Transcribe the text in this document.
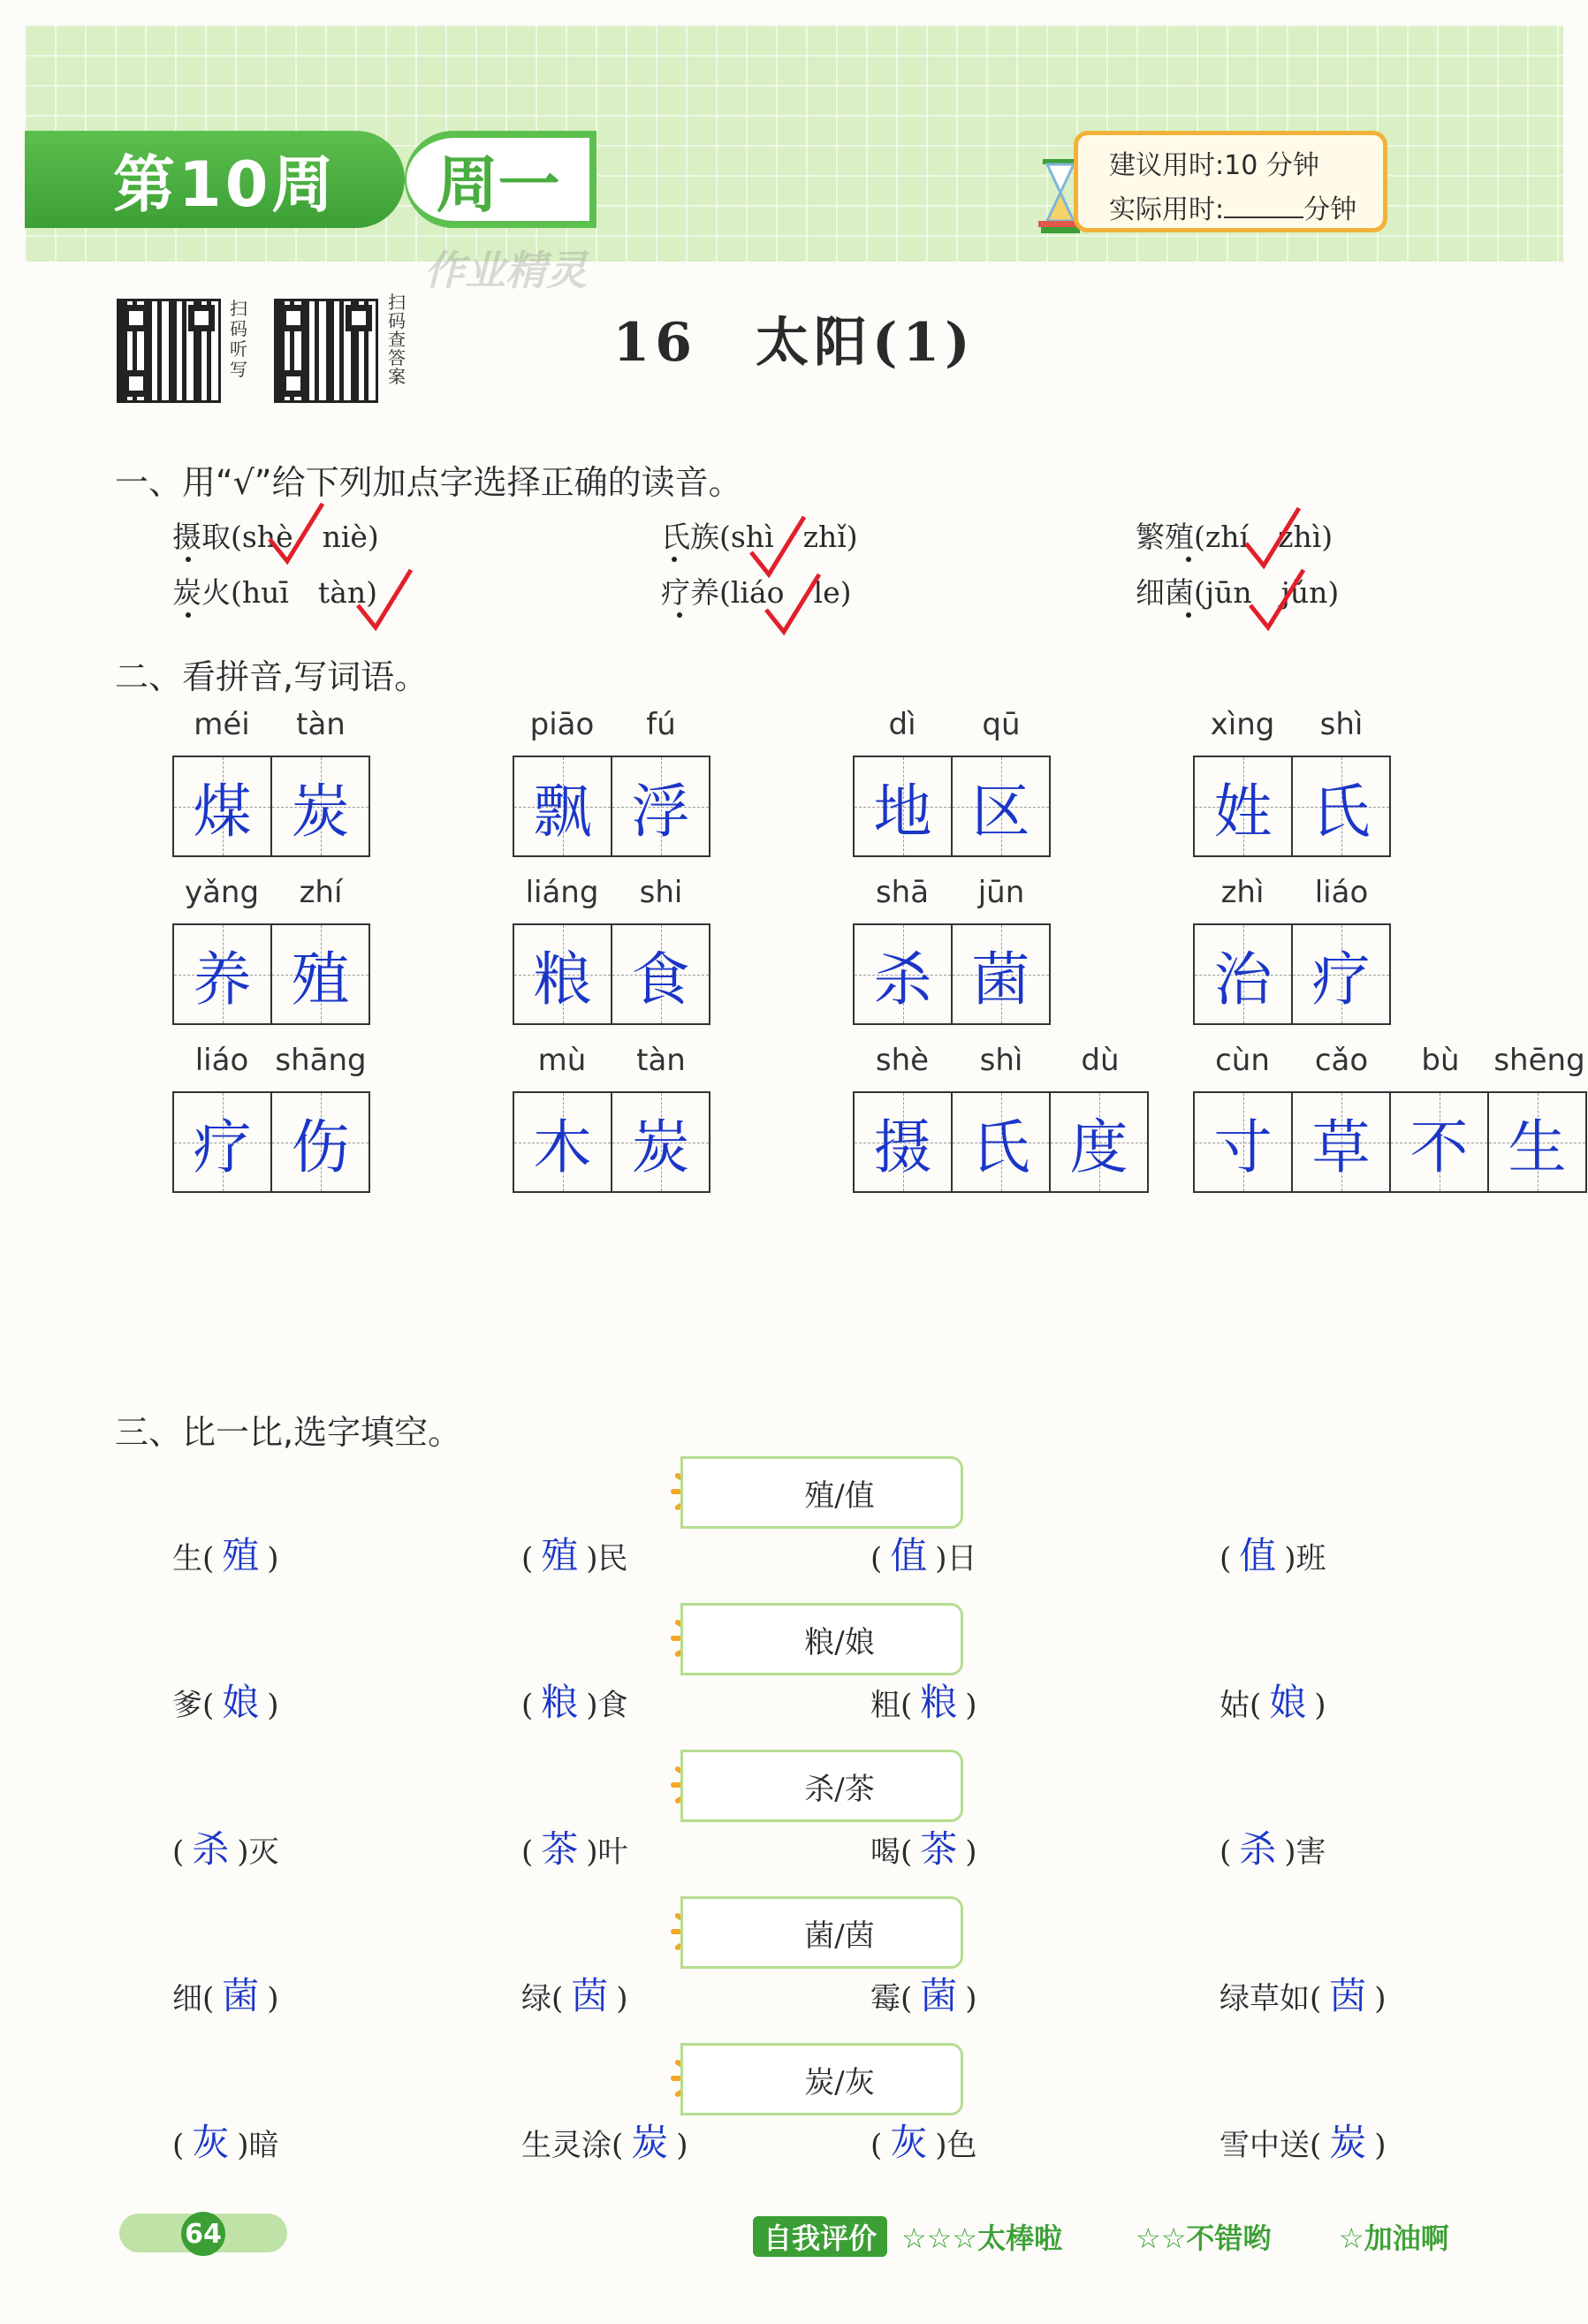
第10周	周一	建议用时:10 分钟
实际用时:	分钟
作业精灵
扫码听写
扫码查答案
16　太阳(1)
一、用“√”给下列加点字选择正确的读音。
摄取(shè　niè)	氏族(shì　zhǐ)	繁殖(zhí　zhì)
炭火(huī　tàn)	疗养(liáo　le)	细菌(jūn　jǔn)
二、看拼音,写词语。
三、比一比,选字填空。
64	自我评价 ☆☆☆太棒啦	☆☆不错哟 ☆加油啊
méi	tàn
煤 炭
piāo	fú
飘 浮
dì	qū
地 区
xìng	shì
姓 氏
yǎng	zhí
养 殖
liáng	shi
粮 食
shā	jūn
杀 菌
zhì	liáo
治 疗
liáo shāng
疗 伤
mù	tàn
木 炭
shè	shì	dù
摄 氏 度
cùn	cǎo	bù	shēng
寸 草 不 生
殖/值
生( 殖 )	( 殖 )民	( 值 )日	( 值 )班
粮/娘
爹( 娘 )	( 粮 )食	粗( 粮 )	姑( 娘 )
杀/茶
( 杀 )灭	( 茶 )叶	喝( 茶 )	( 杀 )害
菌/茵
细( 菌 )	绿( 茵 )	霉( 菌 )	绿草如( 茵 )
炭/灰
( 灰 )暗	生灵涂( 炭 )	( 灰 )色	雪中送( 炭 )
